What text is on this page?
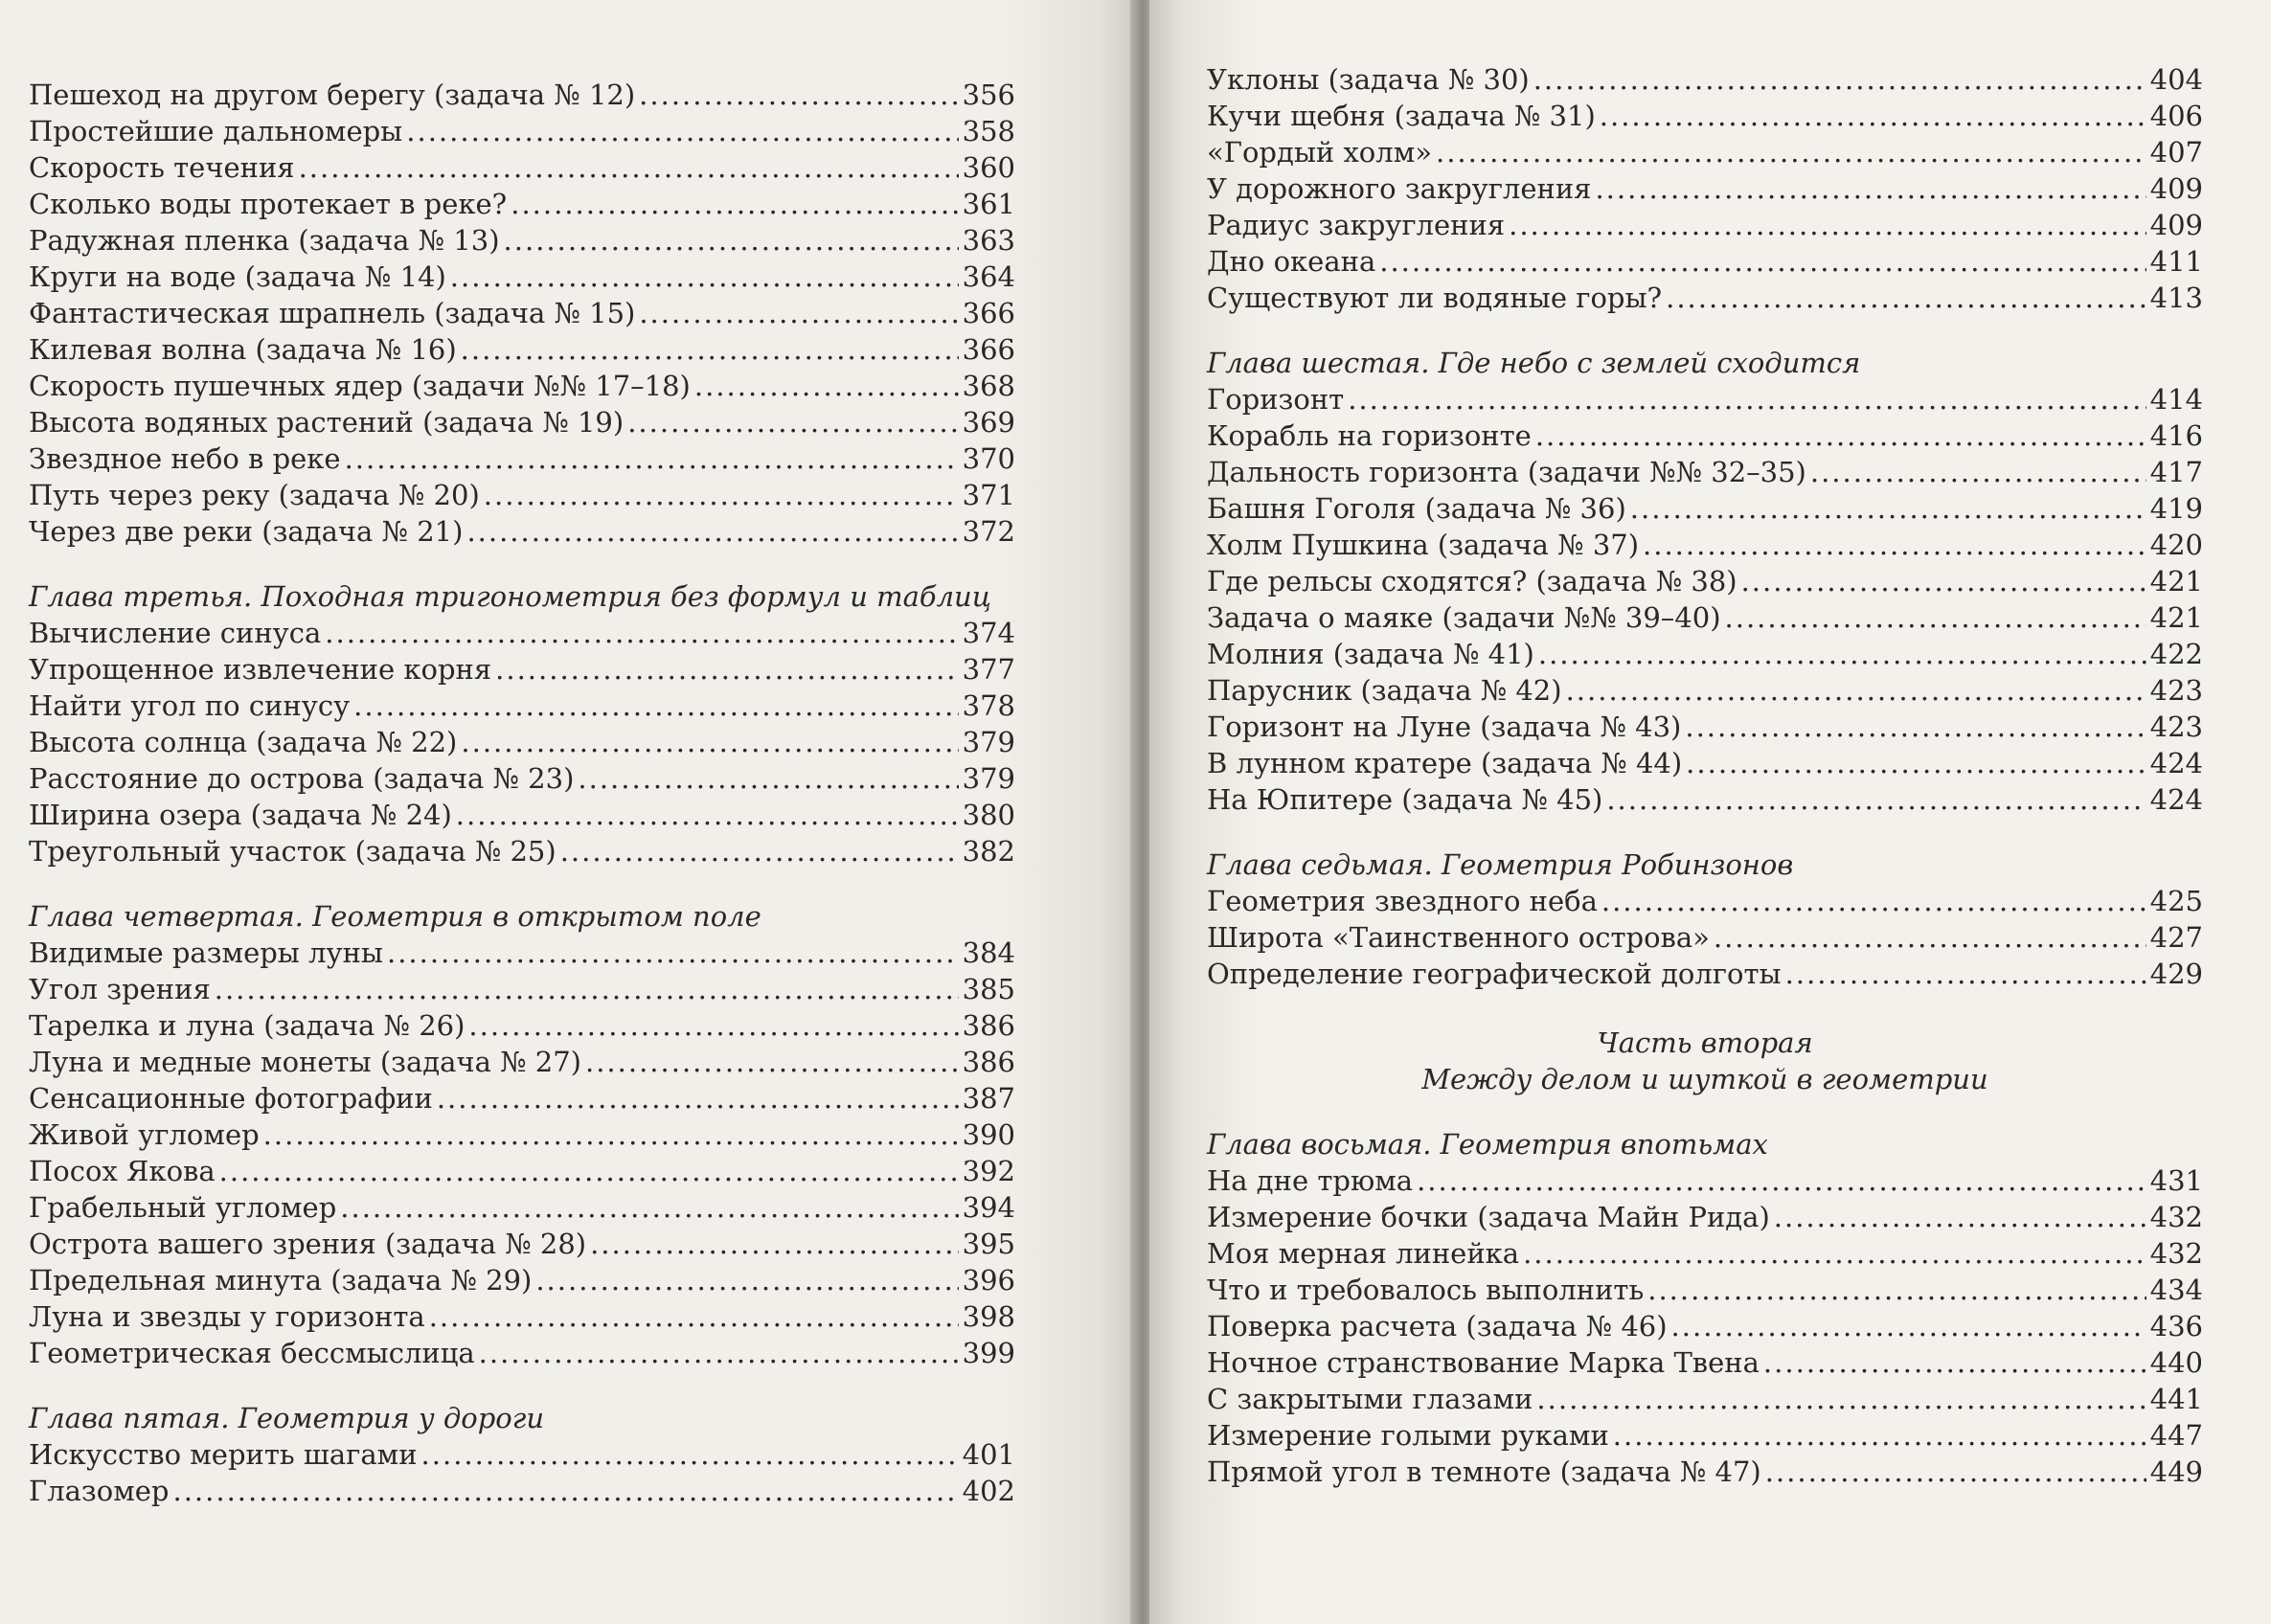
Пешеход на другом берегу (задача № 12) .....	356
Простейшие дальномеры .....	358
Скорость течения .....	360
Сколько воды протекает в реке? .....	361
Радужная пленка (задача № 13) .....	363
Круги на воде (задача № 14) .....	364
Фантастическая шрапнель (задача № 15) .....	366
Килевая волна (задача № 16) .....	366
Скорость пушечных ядер (задачи №№ 17–18) .....	368
Высота водяных растений (задача № 19) .....	369
Звездное небо в реке .....	370
Путь через реку (задача № 20) .....	371
Через две реки (задача № 21) .....	372
Глава третья. Походная тригонометрия без формул и таблиц
Вычисление синуса .....	374
Упрощенное извлечение корня .....	377
Найти угол по синусу .....	378
Высота солнца (задача № 22) .....	379
Расстояние до острова (задача № 23) .....	379
Ширина озера (задача № 24) .....	380
Треугольный участок (задача № 25) .....	382
Глава четвертая. Геометрия в открытом поле
Видимые размеры луны .....	384
Угол зрения .....	385
Тарелка и луна (задача № 26) .....	386
Луна и медные монеты (задача № 27) .....	386
Сенсационные фотографии .....	387
Живой угломер .....	390
Посох Якова .....	392
Грабельный угломер .....	394
Острота вашего зрения (задача № 28) .....	395
Предельная минута (задача № 29) .....	396
Луна и звезды у горизонта .....	398
Геометрическая бессмыслица .....	399
Глава пятая. Геометрия у дороги
Искусство мерить шагами .....	401
Глазомер .....	402
Уклоны (задача № 30) .....	404
Кучи щебня (задача № 31) .....	406
«Гордый холм» .....	407
У дорожного закругления .....	409
Радиус закругления .....	409
Дно океана .....	411
Существуют ли водяные горы? .....	413
Глава шестая. Где небо с землей сходится
Горизонт .....	414
Корабль на горизонте .....	416
Дальность горизонта (задачи №№ 32–35) .....	417
Башня Гоголя (задача № 36) .....	419
Холм Пушкина (задача № 37) .....	420
Где рельсы сходятся? (задача № 38) .....	421
Задача о маяке (задачи №№ 39–40) .....	421
Молния (задача № 41) .....	422
Парусник (задача № 42) .....	423
Горизонт на Луне (задача № 43) .....	423
В лунном кратере (задача № 44) .....	424
На Юпитере (задача № 45) .....	424
Глава седьмая. Геометрия Робинзонов
Геометрия звездного неба .....	425
Широта «Таинственного острова» .....	427
Определение географической долготы .....	429
Часть вторая
Между делом и шуткой в геометрии
Глава восьмая. Геометрия впотьмах
На дне трюма .....	431
Измерение бочки (задача Майн Рида) .....	432
Моя мерная линейка .....	432
Что и требовалось выполнить .....	434
Поверка расчета (задача № 46) .....	436
Ночное странствование Марка Твена .....	440
С закрытыми глазами .....	441
Измерение голыми руками .....	447
Прямой угол в темноте (задача № 47) .....	449
